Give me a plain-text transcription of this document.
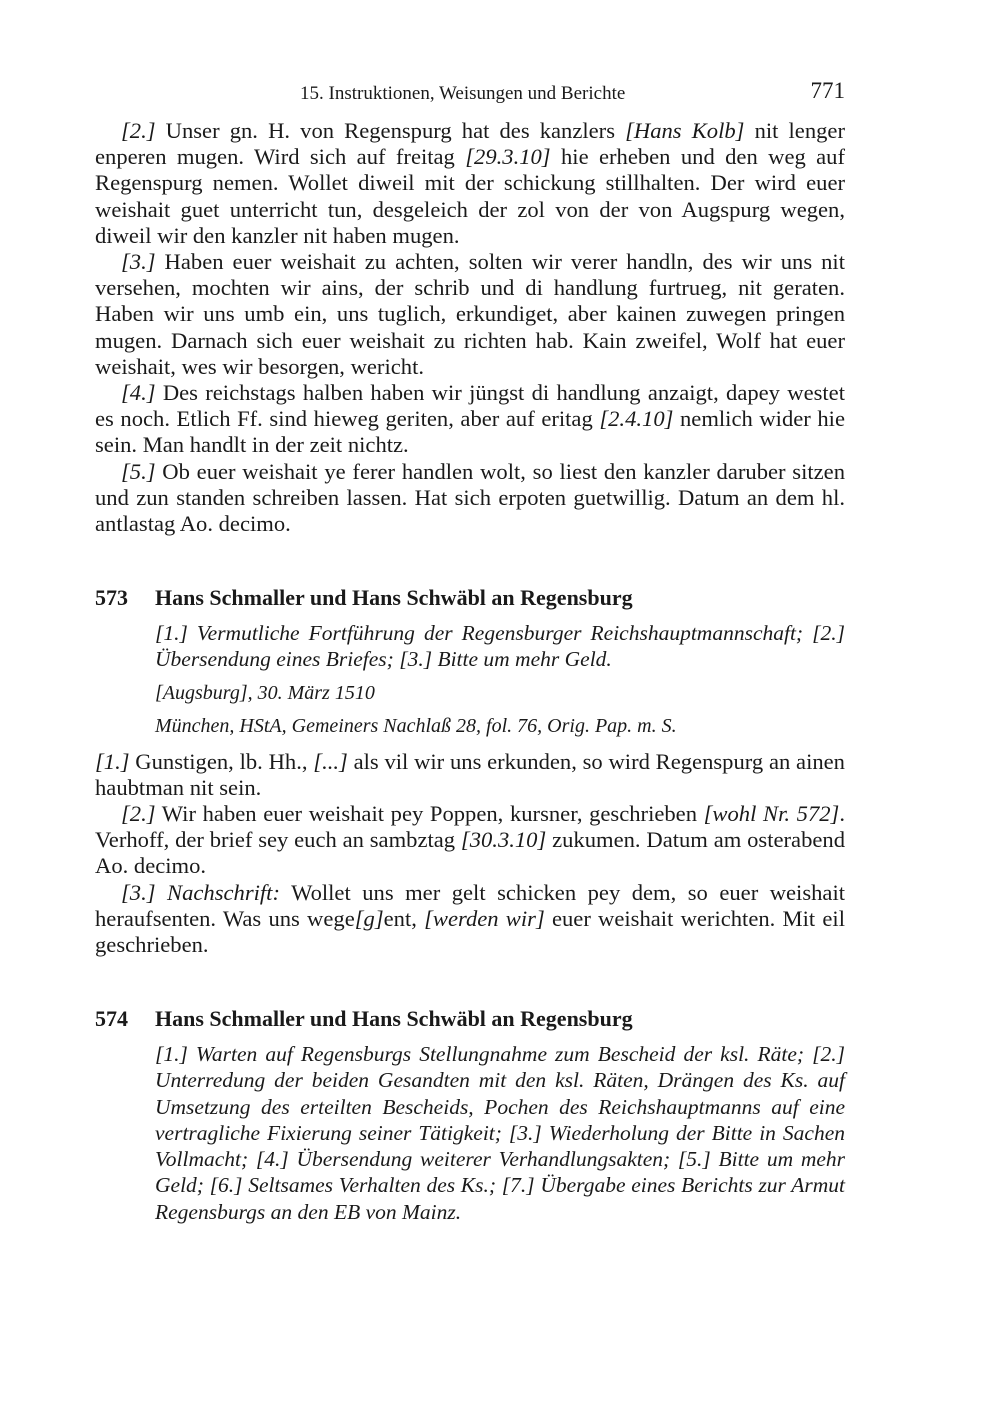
15. Instruktionen, Weisungen und Berichte	771

[2.] Unser gn. H. von Regenspurg hat des kanzlers [Hans Kolb] nit lenger enperen mugen. Wird sich auf freitag [29.3.10] hie erheben und den weg auf Regenspurg nemen. Wollet diweil mit der schickung stillhalten. Der wird euer weishait guet unterricht tun, desgeleich der zol von der von Augspurg wegen, diweil wir den kanzler nit haben mugen.

[3.] Haben euer weishait zu achten, solten wir verer handln, des wir uns nit versehen, mochten wir ains, der schrib und di handlung furtrueg, nit geraten. Haben wir uns umb ein, uns tuglich, erkundiget, aber kainen zuwegen pringen mugen. Darnach sich euer weishait zu richten hab. Kain zweifel, Wolf hat euer weishait, wes wir besorgen, wericht.

[4.] Des reichstags halben haben wir jüngst di handlung anzaigt, dapey westet es noch. Etlich Ff. sind hieweg geriten, aber auf eritag [2.4.10] nemlich wider hie sein. Man handlt in der zeit nichtz.

[5.] Ob euer weishait ye ferer handlen wolt, so liest den kanzler daruber sitzen und zun standen schreiben lassen. Hat sich erpoten guetwillig. Datum an dem hl. antlastag Ao. decimo.

573 Hans Schmaller und Hans Schwäbl an Regensburg
[1.] Vermutliche Fortführung der Regensburger Reichshauptmannschaft; [2.] Übersendung eines Briefes; [3.] Bitte um mehr Geld.
[Augsburg], 30. März 1510
München, HStA, Gemeiners Nachlaß 28, fol. 76, Orig. Pap. m. S.

[1.] Gunstigen, lb. Hh., [...] als vil wir uns erkunden, so wird Regenspurg an ainen haubtman nit sein.

[2.] Wir haben euer weishait pey Poppen, kursner, geschrieben [wohl Nr. 572]. Verhoff, der brief sey euch an sambztag [30.3.10] zukumen. Datum am osterabend Ao. decimo.

[3.] Nachschrift: Wollet uns mer gelt schicken pey dem, so euer weishait heraufsenten. Was uns wege[g]ent, [werden wir] euer weishait werichten. Mit eil geschrieben.

574 Hans Schmaller und Hans Schwäbl an Regensburg
[1.] Warten auf Regensburgs Stellungnahme zum Bescheid der ksl. Räte; [2.] Unterredung der beiden Gesandten mit den ksl. Räten, Drängen des Ks. auf Umsetzung des erteilten Bescheids, Pochen des Reichshauptmanns auf eine vertragliche Fixierung seiner Tätigkeit; [3.] Wiederholung der Bitte in Sachen Vollmacht; [4.] Übersendung weiterer Verhandlungsakten; [5.] Bitte um mehr Geld; [6.] Seltsames Verhalten des Ks.; [7.] Übergabe eines Berichts zur Armut Regensburgs an den EB von Mainz.
